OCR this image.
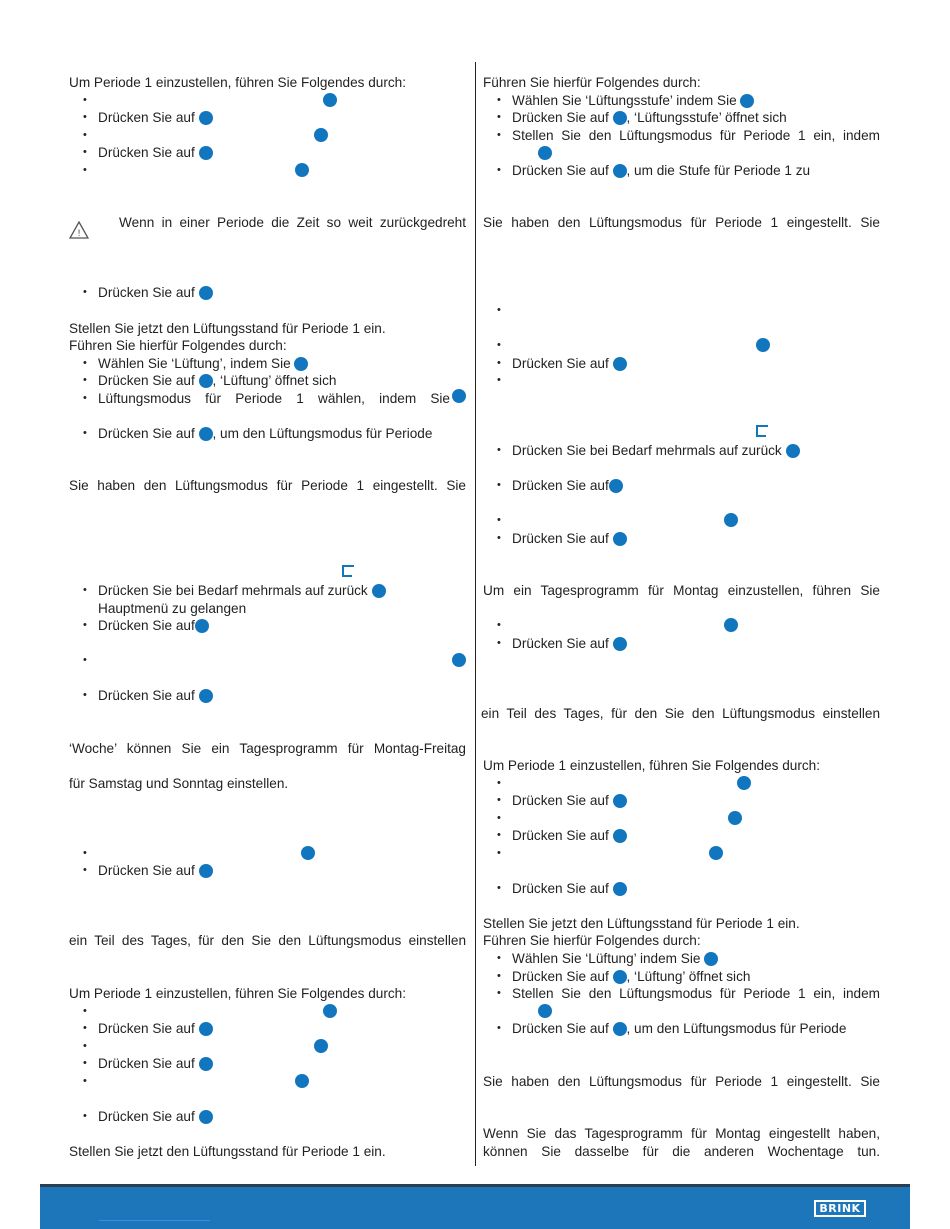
Um Periode 1 einzustellen, führen Sie Folgendes durch:
• Drücken Sie auf
• Drücken Sie auf
!
Wenn in einer Periode die Zeit so weit zurückgedreht
• Drücken Sie auf
Stellen Sie jetzt den Lüftungsstand für Periode 1 ein.
Führen Sie hierfür Folgendes durch:
• Wählen Sie ‘Lüftung’, indem Sie
• Drücken Sie auf , ‘Lüftung’ öffnet sich
• Lüftungsmodus für Periode 1 wählen, indem Sie
• Drücken Sie auf , um den Lüftungsmodus für Periode
Sie haben den Lüftungsmodus für Periode 1 eingestellt. Sie
• Drücken Sie bei Bedarf mehrmals auf zurück
Hauptmenü zu gelangen
• Drücken Sie auf
• Drücken Sie auf
‘Woche’ können Sie ein Tagesprogramm für Montag-Freitag
für Samstag und Sonntag einstellen.
• Drücken Sie auf
ein Teil des Tages, für den Sie den Lüftungsmodus einstellen
Um Periode 1 einzustellen, führen Sie Folgendes durch:
• Drücken Sie auf
• Drücken Sie auf
• Drücken Sie auf
Stellen Sie jetzt den Lüftungsstand für Periode 1 ein.
Führen Sie hierfür Folgendes durch:
• Wählen Sie ‘Lüftungsstufe’ indem Sie
• Drücken Sie auf , ‘Lüftungsstufe’ öffnet sich
• Stellen Sie den Lüftungsmodus für Periode 1 ein, indem
• Drücken Sie auf , um die Stufe für Periode 1 zu
Sie haben den Lüftungsmodus für Periode 1 eingestellt. Sie
• Drücken Sie auf
• Drücken Sie bei Bedarf mehrmals auf zurück
• Drücken Sie auf
• Drücken Sie auf
Um ein Tagesprogramm für Montag einzustellen, führen Sie
• Drücken Sie auf
ein Teil des Tages, für den Sie den Lüftungsmodus einstellen
Um Periode 1 einzustellen, führen Sie Folgendes durch:
• Drücken Sie auf
• Drücken Sie auf
• Drücken Sie auf
Stellen Sie jetzt den Lüftungsstand für Periode 1 ein.
Führen Sie hierfür Folgendes durch:
• Wählen Sie ‘Lüftung’ indem Sie
• Drücken Sie auf , ‘Lüftung’ öffnet sich
• Stellen Sie den Lüftungsmodus für Periode 1 ein, indem
• Drücken Sie auf , um den Lüftungsmodus für Periode
Sie haben den Lüftungsmodus für Periode 1 eingestellt. Sie
Wenn Sie das Tagesprogramm für Montag eingestellt haben,
können Sie dasselbe für die anderen Wochentage tun.
BRINK
